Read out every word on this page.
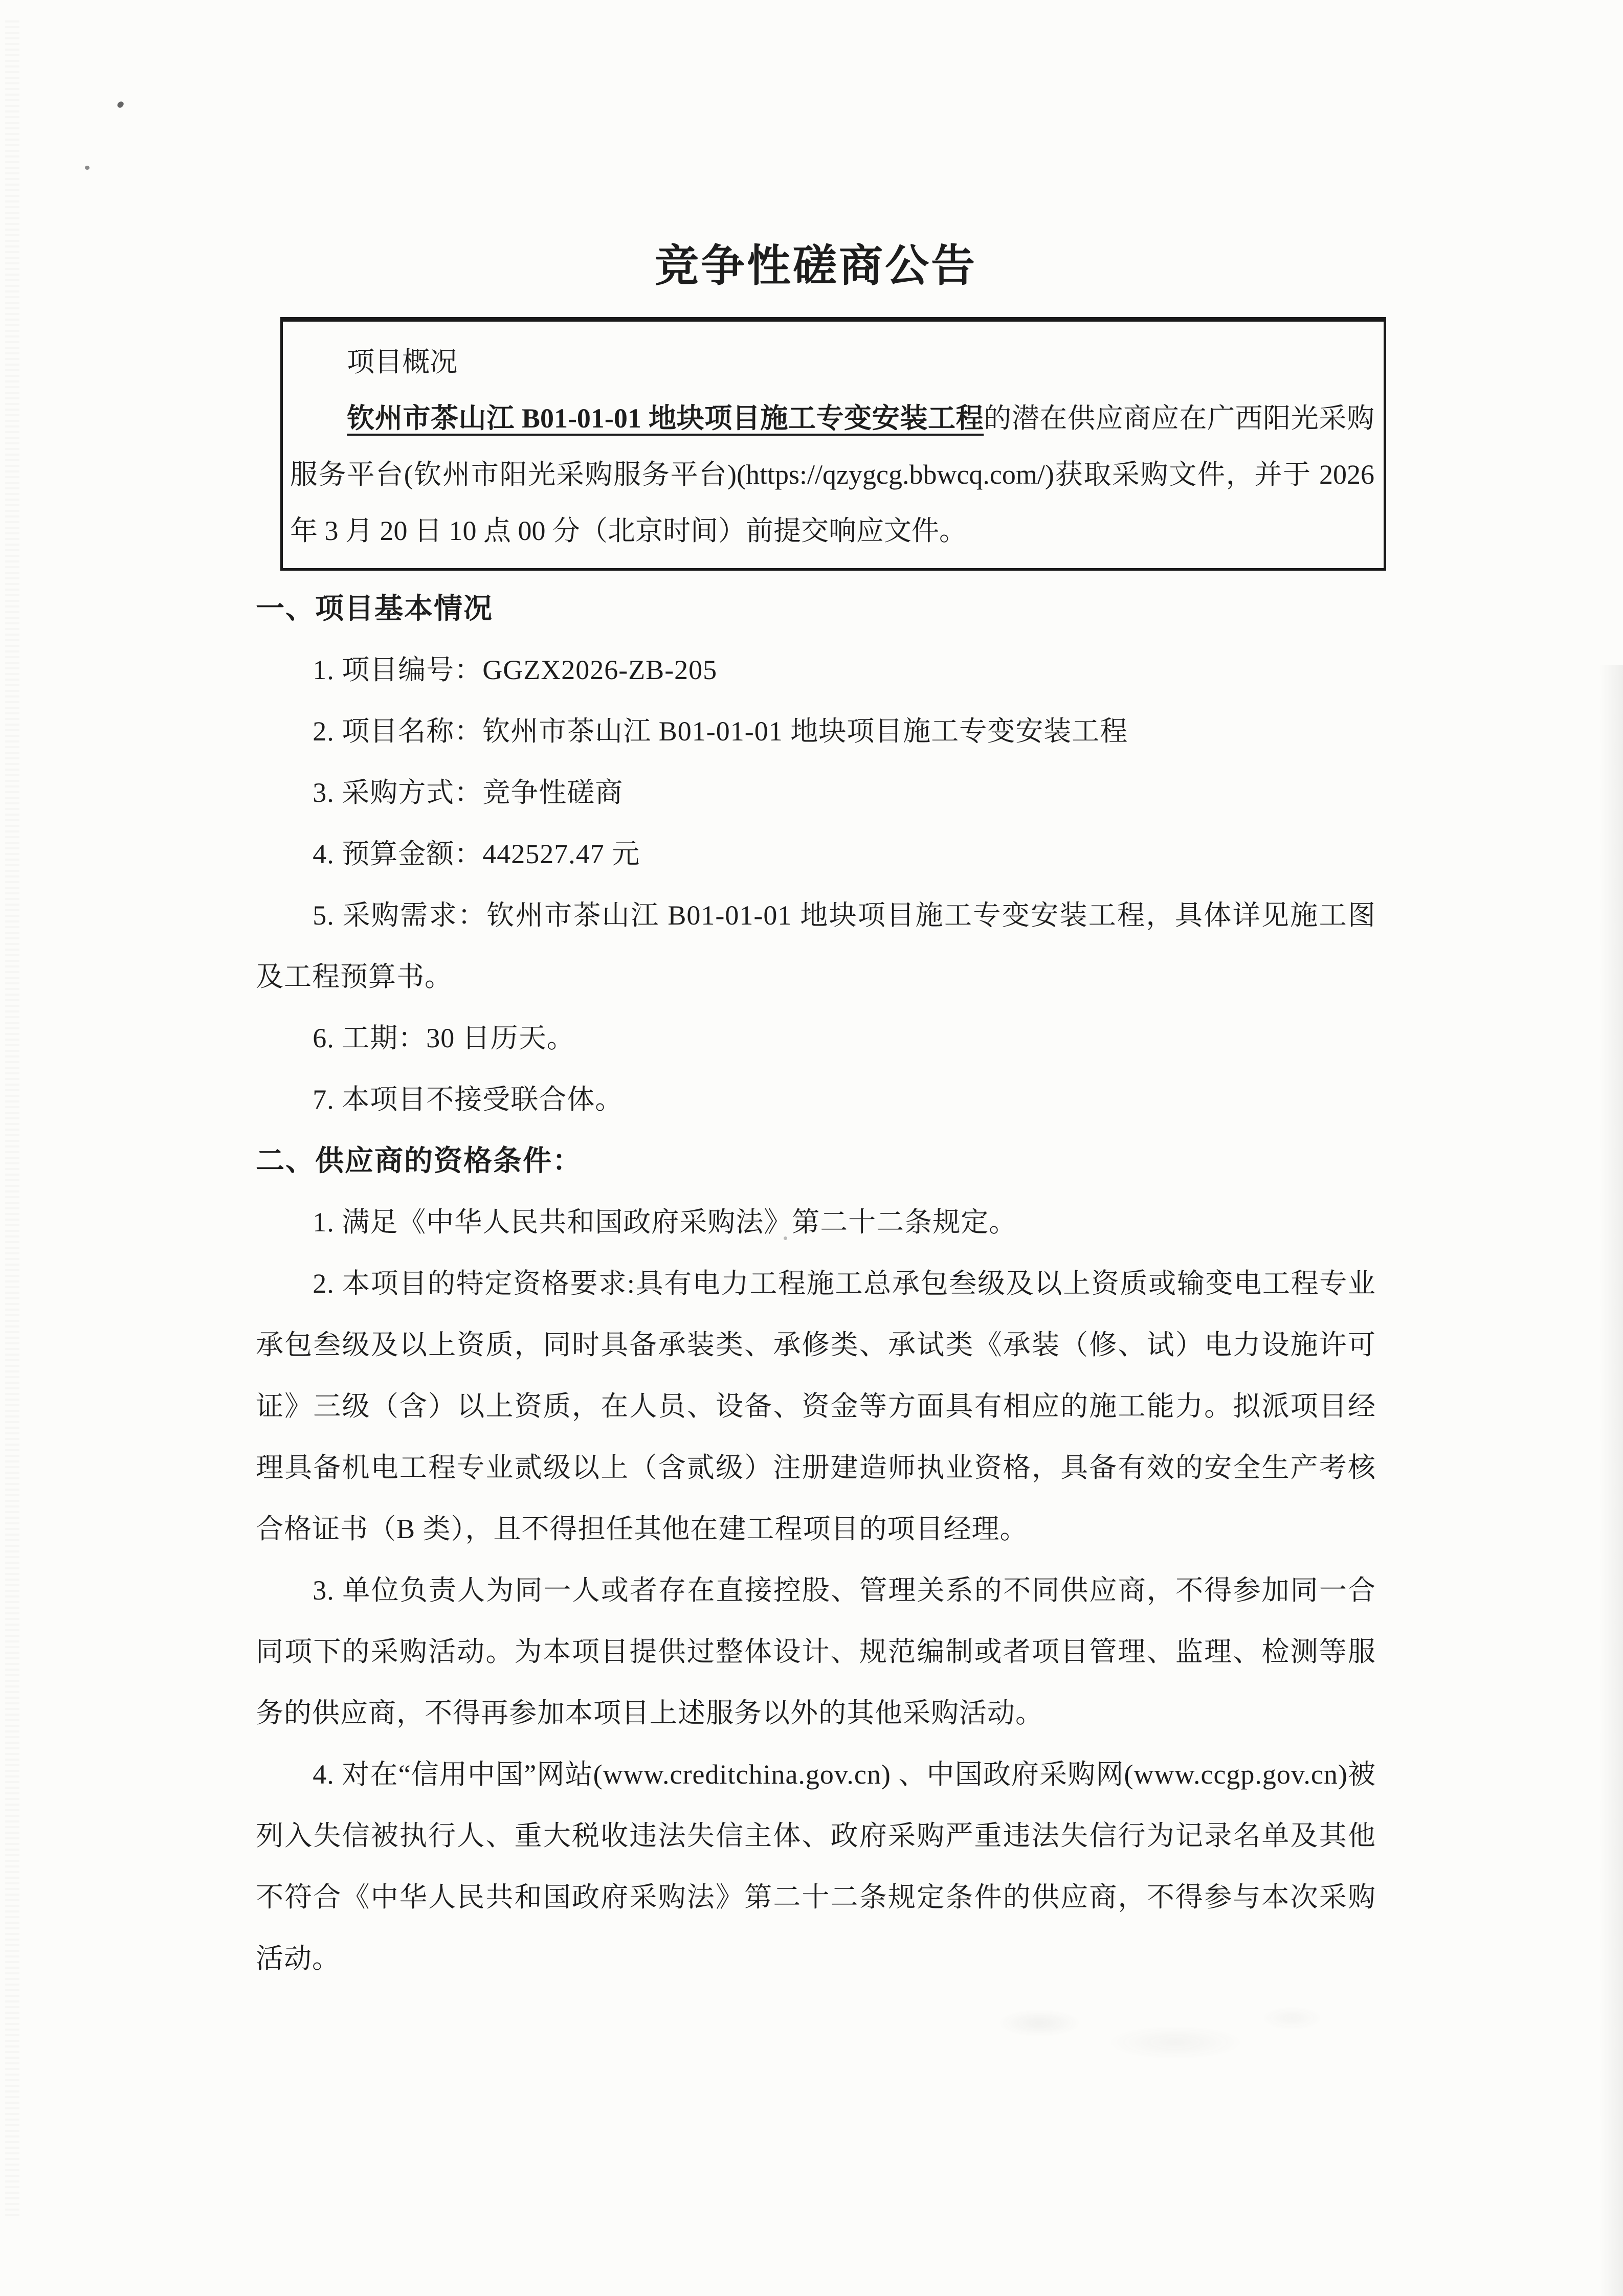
竞争性磋商公告

项目概况

钦州市茶山江 B01-01-01 地块项目施工专变安装工程的潜在供应商应在广西阳光采购服务平台(钦州市阳光采购服务平台)(https://qzygcg.bbwcq.com/)获取采购文件，并于 2026 年 3 月 20 日 10 点 00 分（北京时间）前提交响应文件。

一、项目基本情况

1. 项目编号：GGZX2026-ZB-205

2. 项目名称：钦州市茶山江 B01-01-01 地块项目施工专变安装工程

3. 采购方式：竞争性磋商

4. 预算金额：442527.47 元

5. 采购需求：钦州市茶山江 B01-01-01 地块项目施工专变安装工程，具体详见施工图及工程预算书。

6. 工期：30 日历天。

7. 本项目不接受联合体。

二、供应商的资格条件：

1. 满足《中华人民共和国政府采购法》第二十二条规定。

2. 本项目的特定资格要求:具有电力工程施工总承包叁级及以上资质或输变电工程专业承包叁级及以上资质，同时具备承装类、承修类、承试类《承装（修、试）电力设施许可证》三级（含）以上资质，在人员、设备、资金等方面具有相应的施工能力。拟派项目经理具备机电工程专业贰级以上（含贰级）注册建造师执业资格，具备有效的安全生产考核合格证书（B 类），且不得担任其他在建工程项目的项目经理。

3. 单位负责人为同一人或者存在直接控股、管理关系的不同供应商，不得参加同一合同项下的采购活动。为本项目提供过整体设计、规范编制或者项目管理、监理、检测等服务的供应商，不得再参加本项目上述服务以外的其他采购活动。

4. 对在“信用中国”网站(www.creditchina.gov.cn) 、中国政府采购网(www.ccgp.gov.cn)被列入失信被执行人、重大税收违法失信主体、政府采购严重违法失信行为记录名单及其他不符合《中华人民共和国政府采购法》第二十二条规定条件的供应商，不得参与本次采购活动。
